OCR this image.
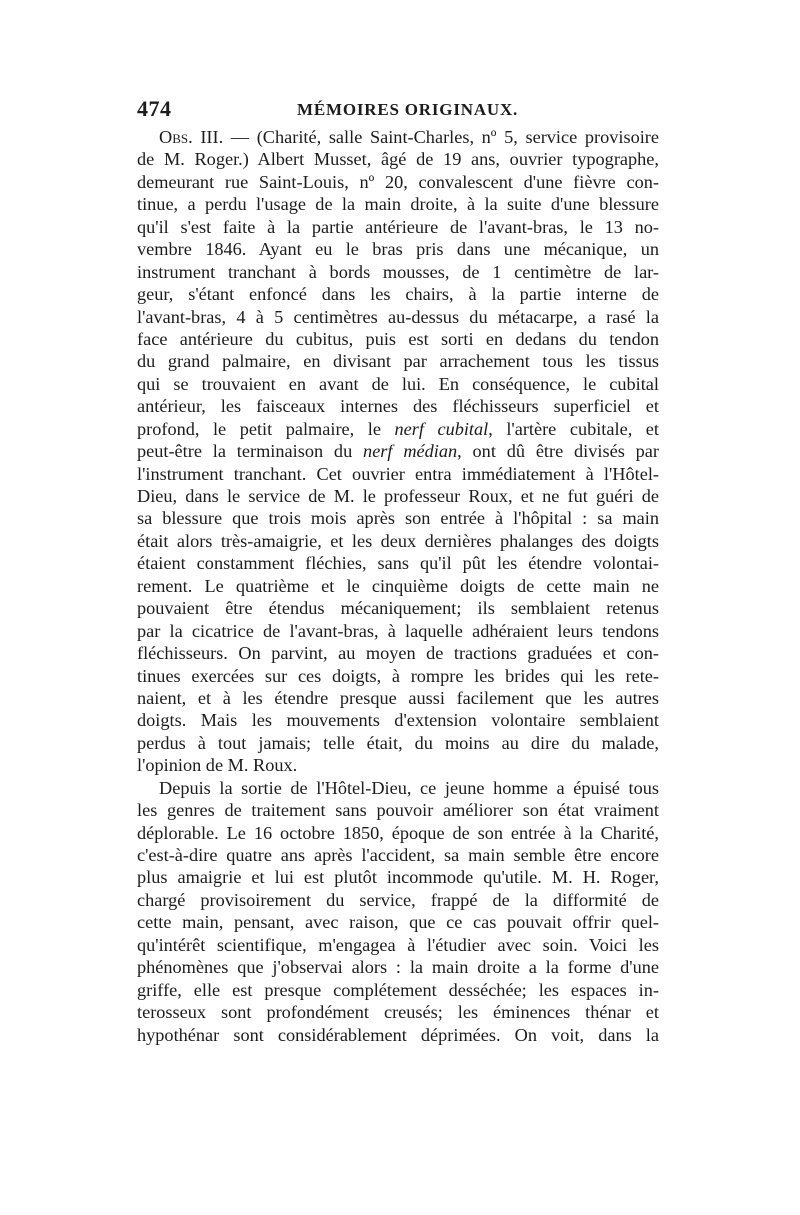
474	MÉMOIRES ORIGINAUX.
Obs. III. — (Charité, salle Saint-Charles, nº 5, service provisoire
de M. Roger.) Albert Musset, âgé de 19 ans, ouvrier typographe,
demeurant rue Saint-Louis, nº 20, convalescent d'une fièvre con-
tinue, a perdu l'usage de la main droite, à la suite d'une blessure
qu'il s'est faite à la partie antérieure de l'avant-bras, le 13 no-
vembre 1846. Ayant eu le bras pris dans une mécanique, un
instrument tranchant à bords mousses, de 1 centimètre de lar-
geur, s'étant enfoncé dans les chairs, à la partie interne de
l'avant-bras, 4 à 5 centimètres au-dessus du métacarpe, a rasé la
face antérieure du cubitus, puis est sorti en dedans du tendon
du grand palmaire, en divisant par arrachement tous les tissus
qui se trouvaient en avant de lui. En conséquence, le cubital
antérieur, les faisceaux internes des fléchisseurs superficiel et
profond, le petit palmaire, le nerf cubital, l'artère cubitale, et
peut-être la terminaison du nerf médian, ont dû être divisés par
l'instrument tranchant. Cet ouvrier entra immédiatement à l'Hôtel-
Dieu, dans le service de M. le professeur Roux, et ne fut guéri de
sa blessure que trois mois après son entrée à l'hôpital : sa main
était alors très-amaigrie, et les deux dernières phalanges des doigts
étaient constamment fléchies, sans qu'il pût les étendre volontai-
rement. Le quatrième et le cinquième doigts de cette main ne
pouvaient être étendus mécaniquement; ils semblaient retenus
par la cicatrice de l'avant-bras, à laquelle adhéraient leurs tendons
fléchisseurs. On parvint, au moyen de tractions graduées et con-
tinues exercées sur ces doigts, à rompre les brides qui les rete-
naient, et à les étendre presque aussi facilement que les autres
doigts. Mais les mouvements d'extension volontaire semblaient
perdus à tout jamais; telle était, du moins au dire du malade,
l'opinion de M. Roux.
Depuis la sortie de l'Hôtel-Dieu, ce jeune homme a épuisé tous
les genres de traitement sans pouvoir améliorer son état vraiment
déplorable. Le 16 octobre 1850, époque de son entrée à la Charité,
c'est-à-dire quatre ans après l'accident, sa main semble être encore
plus amaigrie et lui est plutôt incommode qu'utile. M. H. Roger,
chargé provisoirement du service, frappé de la difformité de
cette main, pensant, avec raison, que ce cas pouvait offrir quel-
qu'intérêt scientifique, m'engagea à l'étudier avec soin. Voici les
phénomènes que j'observai alors : la main droite a la forme d'une
griffe, elle est presque complétement desséchée; les espaces in-
terosseux sont profondément creusés; les éminences thénar et
hypothénar sont considérablement déprimées. On voit, dans la
